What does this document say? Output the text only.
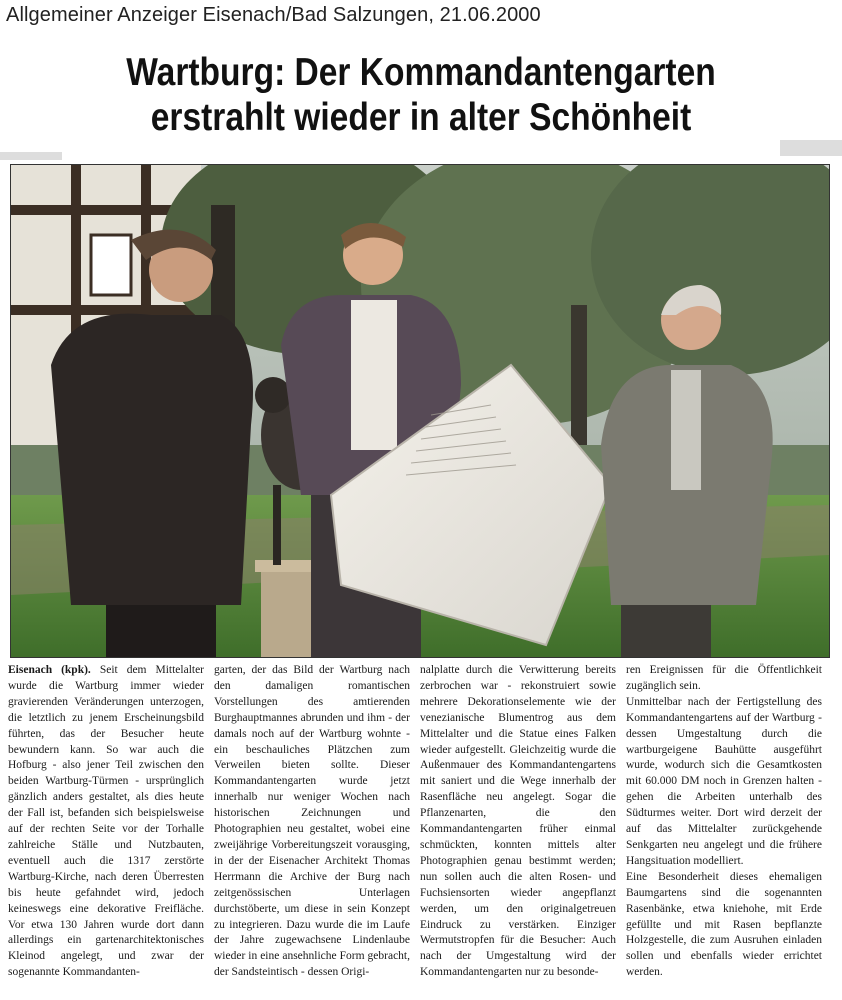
Allgemeiner Anzeiger Eisenach/Bad Salzungen, 21.06.2000
Wartburg: Der Kommandantengarten
erstrahlt wieder in alter Schönheit

Eisenach (kpk). Seit dem Mittelalter wurde die Wartburg immer wieder gravierenden Veränderungen unterzogen, die letztlich zu jenem Erscheinungsbild führten, das der Besucher heute bewundern kann. So war auch die Hofburg - also jener Teil zwischen den beiden Wartburg-Türmen - ursprünglich gänzlich anders gestaltet, als dies heute der Fall ist, befanden sich beispielsweise auf der rechten Seite vor der Torhalle zahlreiche Ställe und Nutzbauten, eventuell auch die 1317 zerstörte Wartburg-Kirche, nach deren Überresten bis heute gefahndet wird, jedoch keineswegs eine dekorative Freifläche. Vor etwa 130 Jahren wurde dort dann allerdings ein gartenarchitektonisches Kleinod angelegt, und zwar der sogenannte Kommandanten-

garten, der das Bild der Wartburg nach den damaligen romantischen Vorstellungen des amtierenden Burghauptmannes abrunden und ihm - der damals noch auf der Wartburg wohnte - ein beschauliches Plätzchen zum Verweilen bieten sollte. Dieser Kommandantengarten wurde jetzt innerhalb nur weniger Wochen nach historischen Zeichnungen und Photographien neu gestaltet, wobei eine zweijährige Vorbereitungszeit vorausging, in der der Eisenacher Architekt Thomas Herrmann die Archive der Burg nach zeitgenössischen Unterlagen durchstöberte, um diese in sein Konzept zu integrieren. Dazu wurde die im Laufe der Jahre zugewachsene Lindenlaube wieder in eine ansehnliche Form gebracht, der Sandsteintisch - dessen Origi-

nalplatte durch die Verwitterung bereits zerbrochen war - rekonstruiert sowie mehrere Dekorationselemente wie der venezianische Blumentrog aus dem Mittelalter und die Statue eines Falken wieder aufgestellt. Gleichzeitig wurde die Außenmauer des Kommandantengartens mit saniert und die Wege innerhalb der Rasenfläche neu angelegt. Sogar die Pflanzenarten, die den Kommandantengarten früher einmal schmückten, konnten mittels alter Photographien genau bestimmt werden; nun sollen auch die alten Rosen- und Fuchsiensorten wieder angepflanzt werden, um den originalgetreuen Eindruck zu verstärken. Einziger Wermutstropfen für die Besucher: Auch nach der Umgestaltung wird der Kommandantengarten nur zu besonde-

ren Ereignissen für die Öffentlichkeit zugänglich sein.

Unmittelbar nach der Fertigstellung des Kommandantengartens auf der Wartburg - dessen Umgestaltung durch die wartburgeigene Bauhütte ausgeführt wurde, wodurch sich die Gesamtkosten mit 60.000 DM noch in Grenzen halten - gehen die Arbeiten unterhalb des Südturmes weiter. Dort wird derzeit der auf das Mittelalter zurückgehende Senkgarten neu angelegt und die frühere Hangsituation modelliert.

Eine Besonderheit dieses ehemaligen Baumgartens sind die sogenannten Rasenbänke, etwa kniehohe, mit Erde gefüllte und mit Rasen bepflanzte Holzgestelle, die zum Ausruhen einladen sollen und ebenfalls wieder errichtet werden.
